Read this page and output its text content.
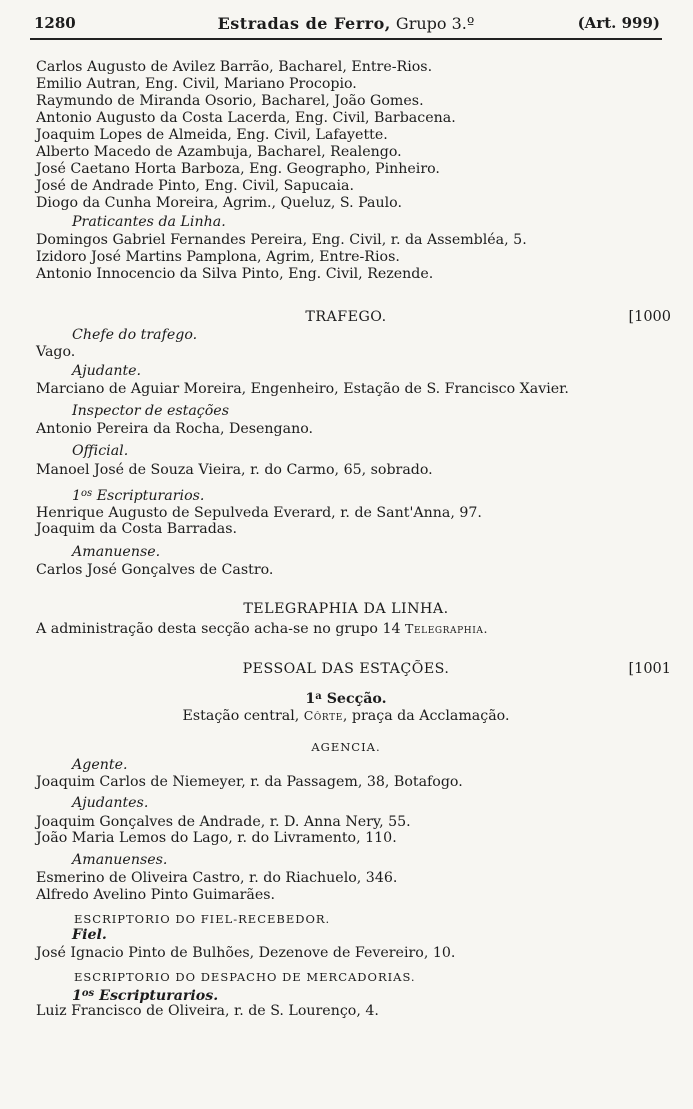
1280	Estradas de Ferro, Grupo 3.º	(Art. 999)
Carlos Augusto de Avilez Barrão, Bacharel, Entre-Rios.
Emilio Autran, Eng. Civil, Mariano Procopio.
Raymundo de Miranda Osorio, Bacharel, João Gomes.
Antonio Augusto da Costa Lacerda, Eng. Civil, Barbacena.
Joaquim Lopes de Almeida, Eng. Civil, Lafayette.
Alberto Macedo de Azambuja, Bacharel, Realengo.
José Caetano Horta Barboza, Eng. Geographo, Pinheiro.
José de Andrade Pinto, Eng. Civil, Sapucaia.
Diogo da Cunha Moreira, Agrim., Queluz, S. Paulo.
Praticantes da Linha.
Domingos Gabriel Fernandes Pereira, Eng. Civil, r. da Assembléa, 5.
Izidoro José Martins Pamplona, Agrim, Entre-Rios.
Antonio Innocencio da Silva Pinto, Eng. Civil, Rezende.
TRAFEGO.	[1000
Chefe do trafego.
Vago.
Ajudante.
Marciano de Aguiar Moreira, Engenheiro, Estação de S. Francisco Xavier.
Inspector de estações
Antonio Pereira da Rocha, Desengano.
Official.
Manoel José de Souza Vieira, r. do Carmo, 65, sobrado.
$1^{os}$ Escripturarios.
Henrique Augusto de Sepulveda Everard, r. de Sant'Anna, 97.
Joaquim da Costa Barradas.
Amanuense.
Carlos José Gonçalves de Castro.
TELEGRAPHIA DA LINHA.
A administração desta secção acha-se no grupo 14 Telegraphia.
PESSOAL DAS ESTAÇÕES.	[1001
1$^a$ Secção.
Estação central, Côrte, praça da Acclamação.
AGENCIA.
Agente.
Joaquim Carlos de Niemeyer, r. da Passagem, 38, Botafogo.
Ajudantes.
Joaquim Gonçalves de Andrade, r. D. Anna Nery, 55.
João Maria Lemos do Lago, r. do Livramento, 110.
Amanuenses.
Esmerino de Oliveira Castro, r. do Riachuelo, 346.
Alfredo Avelino Pinto Guimarães.
ESCRIPTORIO DO FIEL-RECEBEDOR.
Fiel.
José Ignacio Pinto de Bulhões, Dezenove de Fevereiro, 10.
ESCRIPTORIO DO DESPACHO DE MERCADORIAS.
$1^{os}$ Escripturarios.
Luiz Francisco de Oliveira, r. de S. Lourenço, 4.
